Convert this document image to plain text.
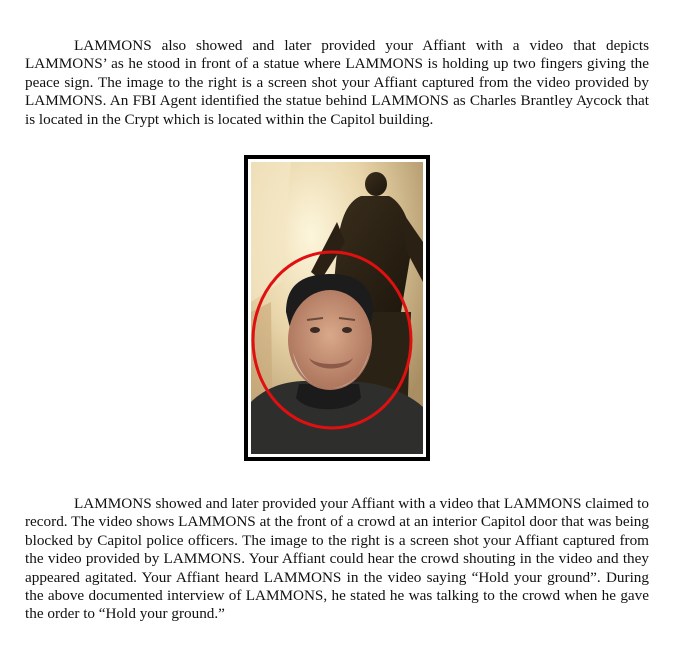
LAMMONS also showed and later provided your Affiant with a video that depicts LAMMONS’ as he stood in front of a statue where LAMMONS is holding up two fingers giving the peace sign. The image to the right is a screen shot your Affiant captured from the video provided by LAMMONS. An FBI Agent identified the statue behind LAMMONS as Charles Brantley Aycock that is located in the Crypt which is located within the Capitol building.

LAMMONS showed and later provided your Affiant with a video that LAMMONS claimed to record. The video shows LAMMONS at the front of a crowd at an interior Capitol door that was being blocked by Capitol police officers. The image to the right is a screen shot your Affiant captured from the video provided by LAMMONS. Your Affiant could hear the crowd shouting in the video and they appeared agitated. Your Affiant heard LAMMONS in the video saying “Hold your ground”. During the above documented interview of LAMMONS, he stated he was talking to the crowd when he gave the order to “Hold your ground.”
